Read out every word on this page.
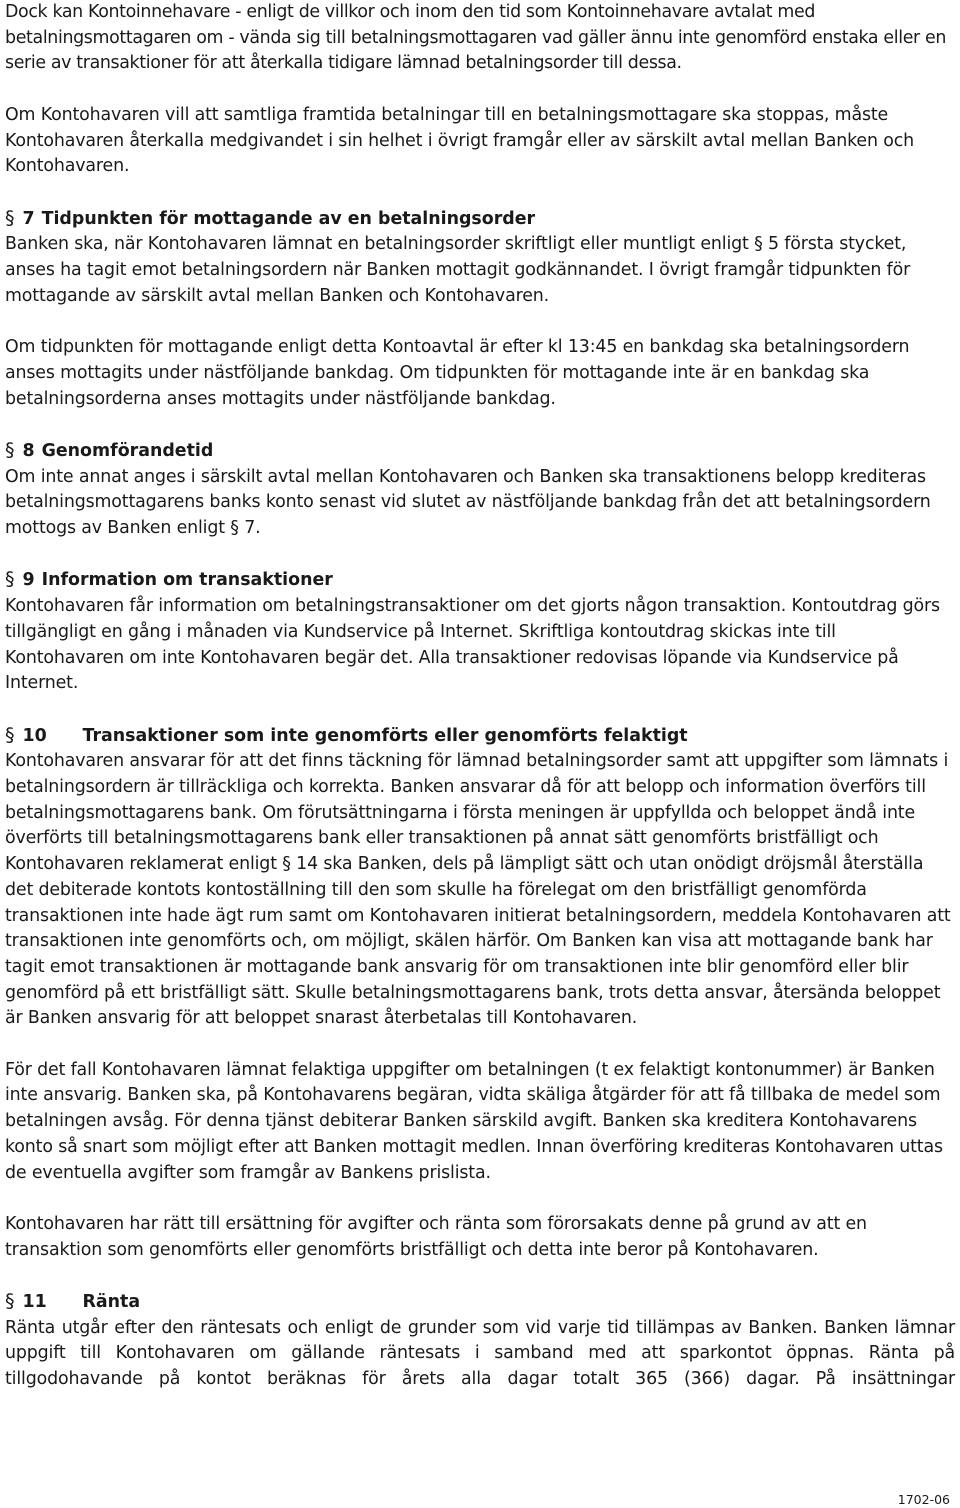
Dock kan Kontoinnehavare - enligt de villkor och inom den tid som Kontoinnehavare avtalat med betalningsmottagaren om - vända sig till betalningsmottagaren vad gäller ännu inte genomförd enstaka eller en serie av transaktioner för att återkalla tidigare lämnad betalningsorder till dessa.

Om Kontohavaren vill att samtliga framtida betalningar till en betalningsmottagare ska stoppas, måste Kontohavaren återkalla medgivandet i sin helhet i övrigt framgår eller av särskilt avtal mellan Banken och Kontohavaren.

§ 7 Tidpunkten för mottagande av en betalningsorder

Banken ska, när Kontohavaren lämnat en betalningsorder skriftligt eller muntligt enligt § 5 första stycket, anses ha tagit emot betalningsordern när Banken mottagit godkännandet. I övrigt framgår tidpunkten för mottagande av särskilt avtal mellan Banken och Kontohavaren.

Om tidpunkten för mottagande enligt detta Kontoavtal är efter kl 13:45 en bankdag ska betalningsordern anses mottagits under nästföljande bankdag. Om tidpunkten för mottagande inte är en bankdag ska betalningsorderna anses mottagits under nästföljande bankdag.

§ 8 Genomförandetid

Om inte annat anges i särskilt avtal mellan Kontohavaren och Banken ska transaktionens belopp krediteras betalningsmottagarens banks konto senast vid slutet av nästföljande bankdag från det att betalningsordern mottogs av Banken enligt § 7.

§ 9 Information om transaktioner

Kontohavaren får information om betalningstransaktioner om det gjorts någon transaktion. Kontoutdrag görs tillgängligt en gång i månaden via Kundservice på Internet. Skriftliga kontoutdrag skickas inte till Kontohavaren om inte Kontohavaren begär det. Alla transaktioner redovisas löpande via Kundservice på Internet.

§ 10	Transaktioner som inte genomförts eller genomförts felaktigt

Kontohavaren ansvarar för att det finns täckning för lämnad betalningsorder samt att uppgifter som lämnats i betalningsordern är tillräckliga och korrekta. Banken ansvarar då för att belopp och information överförs till betalningsmottagarens bank. Om förutsättningarna i första meningen är uppfyllda och beloppet ändå inte överförts till betalningsmottagarens bank eller transaktionen på annat sätt genomförts bristfälligt och Kontohavaren reklamerat enligt § 14 ska Banken, dels på lämpligt sätt och utan onödigt dröjsmål återställa det debiterade kontots kontoställning till den som skulle ha förelegat om den bristfälligt genomförda transaktionen inte hade ägt rum samt om Kontohavaren initierat betalningsordern, meddela Kontohavaren att transaktionen inte genomförts och, om möjligt, skälen härför. Om Banken kan visa att mottagande bank har tagit emot transaktionen är mottagande bank ansvarig för om transaktionen inte blir genomförd eller blir genomförd på ett bristfälligt sätt. Skulle betalningsmottagarens bank, trots detta ansvar, återsända beloppet är Banken ansvarig för att beloppet snarast återbetalas till Kontohavaren.

För det fall Kontohavaren lämnat felaktiga uppgifter om betalningen (t ex felaktigt kontonummer) är Banken inte ansvarig. Banken ska, på Kontohavarens begäran, vidta skäliga åtgärder för att få tillbaka de medel som betalningen avsåg. För denna tjänst debiterar Banken särskild avgift. Banken ska kreditera Kontohavarens konto så snart som möjligt efter att Banken mottagit medlen. Innan överföring krediteras Kontohavaren uttas de eventuella avgifter som framgår av Bankens prislista.

Kontohavaren har rätt till ersättning för avgifter och ränta som förorsakats denne på grund av att en transaktion som genomförts eller genomförts bristfälligt och detta inte beror på Kontohavaren.

§ 11	Ränta

Ränta utgår efter den räntesats och enligt de grunder som vid varje tid tillämpas av Banken. Banken lämnar uppgift till Kontohavaren om gällande räntesats i samband med att sparkontot öppnas. Ränta på tillgodohavande på kontot beräknas för årets alla dagar totalt 365 (366) dagar. På insättningar

1702-06
